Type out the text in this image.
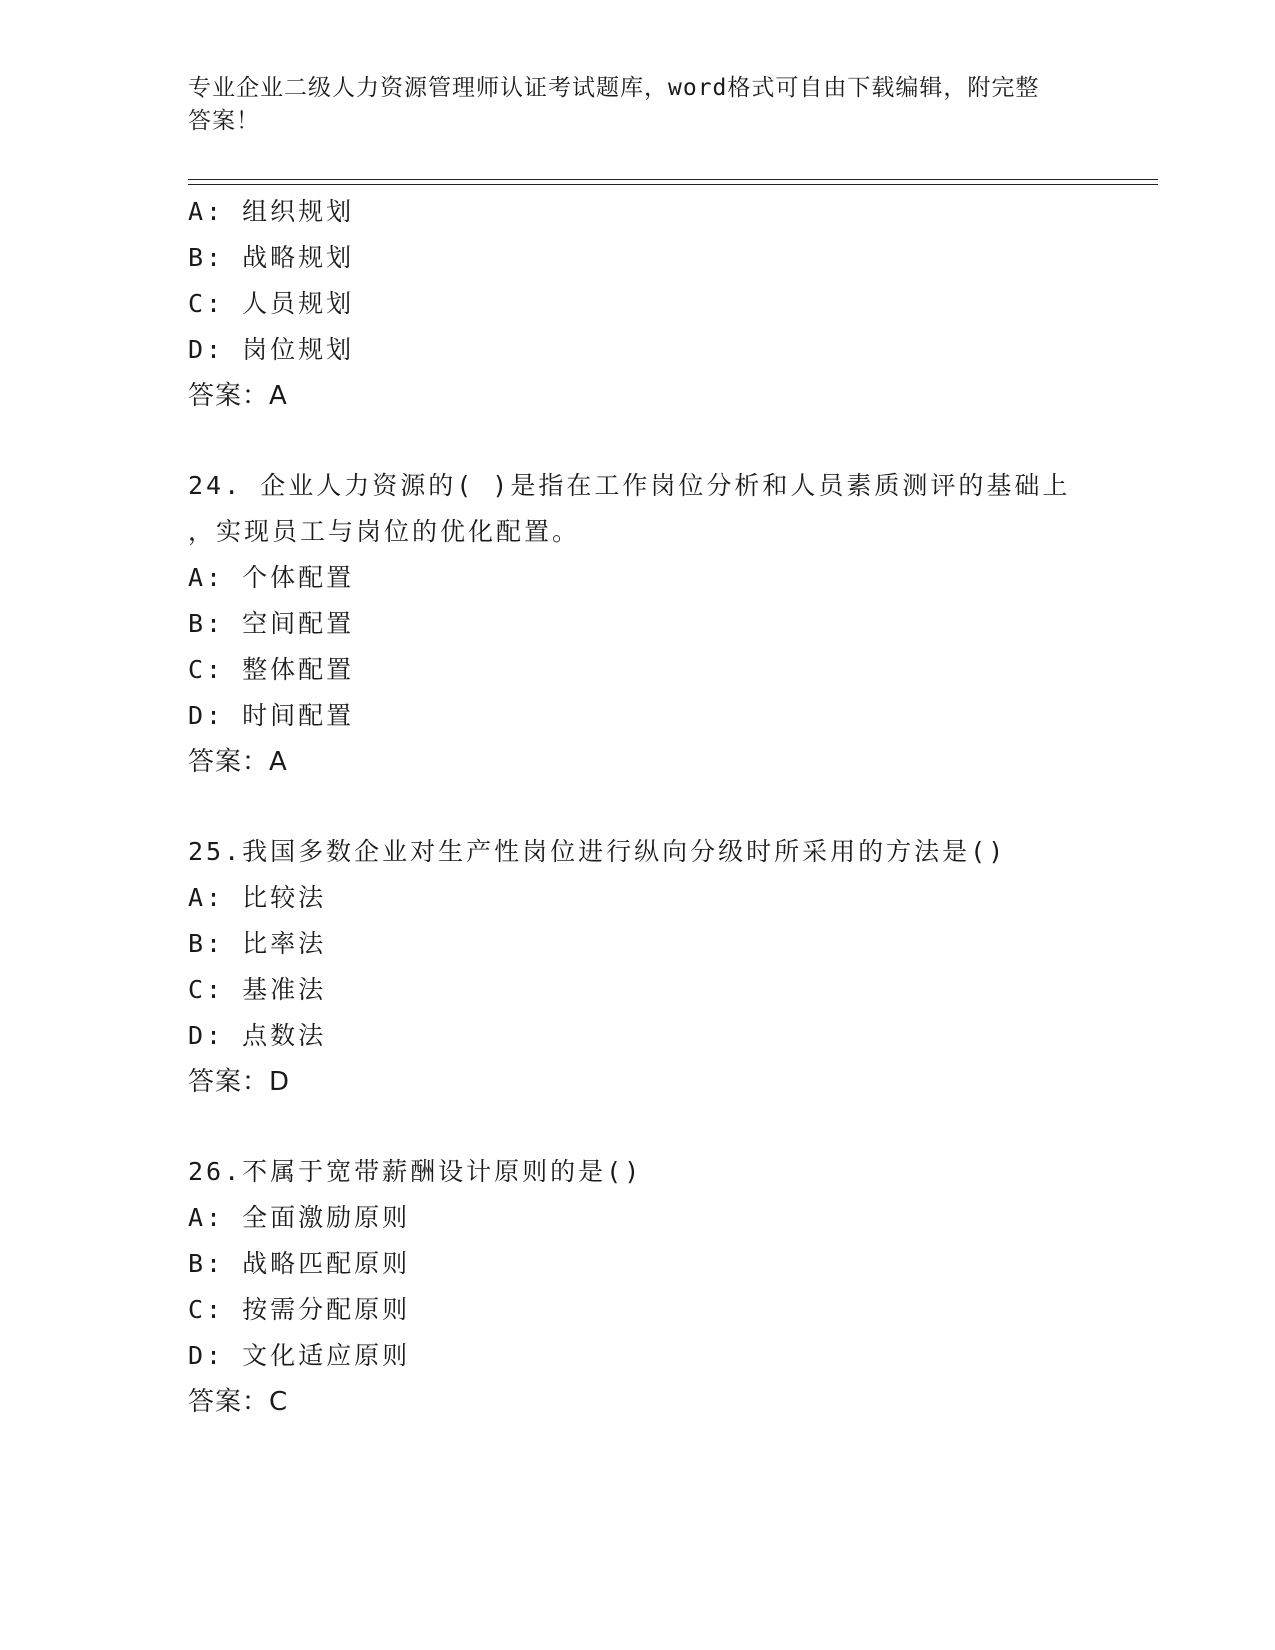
专业企业二级人力资源管理师认证考试题库，word格式可自由下载编辑，附完整
答案！
A: 组织规划
B: 战略规划
C: 人员规划
D: 岗位规划
答案：A
24. 企业人力资源的( )是指在工作岗位分析和人员素质测评的基础上
，实现员工与岗位的优化配置。
A: 个体配置
B: 空间配置
C: 整体配置
D: 时间配置
答案：A
25.我国多数企业对生产性岗位进行纵向分级时所采用的方法是()
A: 比较法
B: 比率法
C: 基准法
D: 点数法
答案：D
26.不属于宽带薪酬设计原则的是()
A: 全面激励原则
B: 战略匹配原则
C: 按需分配原则
D: 文化适应原则
答案：C
